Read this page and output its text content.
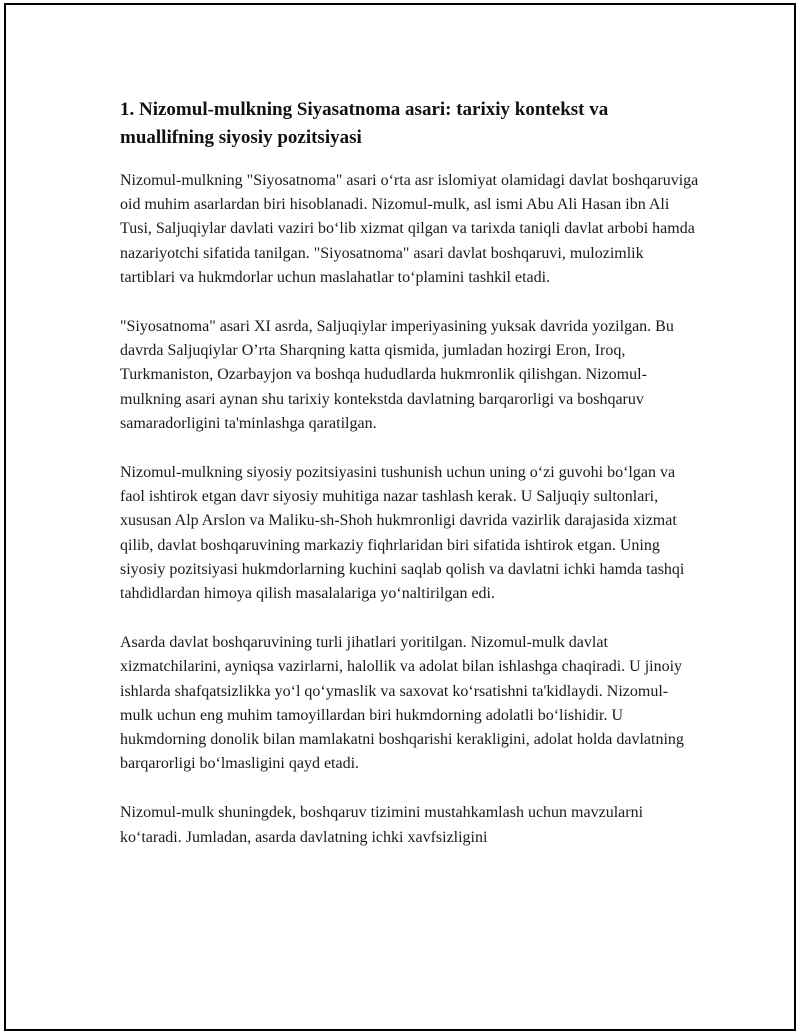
1. Nizomul-mulkning Siyasatnoma asari: tarixiy kontekst va muallifning siyosiy pozitsiyasi

Nizomul-mulkning "Siyosatnoma" asari o‘rta asr islomiyat olamidagi davlat boshqaruviga oid muhim asarlardan biri hisoblanadi. Nizomul-mulk, asl ismi Abu Ali Hasan ibn Ali Tusi, Saljuqiylar davlati vaziri bo‘lib xizmat qilgan va tarixda taniqli davlat arbobi hamda nazariyotchi sifatida tanilgan. "Siyosatnoma" asari davlat boshqaruvi, mulozimlik tartiblari va hukmdorlar uchun maslahatlar to‘plamini tashkil etadi.

"Siyosatnoma" asari XI asrda, Saljuqiylar imperiyasining yuksak davrida yozilgan. Bu davrda Saljuqiylar O’rta Sharqning katta qismida, jumladan hozirgi Eron, Iroq, Turkmaniston, Ozarbayjon va boshqa hududlarda hukmronlik qilishgan. Nizomul-mulkning asari aynan shu tarixiy kontekstda davlatning barqarorligi va boshqaruv samaradorligini ta'minlashga qaratilgan.

Nizomul-mulkning siyosiy pozitsiyasini tushunish uchun uning o‘zi guvohi bo‘lgan va faol ishtirok etgan davr siyosiy muhitiga nazar tashlash kerak. U Saljuqiy sultonlari, xususan Alp Arslon va Maliku-sh-Shoh hukmronligi davrida vazirlik darajasida xizmat qilib, davlat boshqaruvining markaziy fiqhrlaridan biri sifatida ishtirok etgan. Uning siyosiy pozitsiyasi hukmdorlarning kuchini saqlab qolish va davlatni ichki hamda tashqi tahdidlardan himoya qilish masalalariga yo‘naltirilgan edi.

Asarda davlat boshqaruvining turli jihatlari yoritilgan. Nizomul-mulk davlat xizmatchilarini, ayniqsa vazirlarni, halollik va adolat bilan ishlashga chaqiradi. U jinoiy ishlarda shafqatsizlikka yo‘l qo‘ymaslik va saxovat ko‘rsatishni ta'kidlaydi. Nizomul-mulk uchun eng muhim tamoyillardan biri hukmdorning adolatli bo‘lishidir. U hukmdorning donolik bilan mamlakatni boshqarishi kerakligini, adolat holda davlatning barqarorligi bo‘lmasligini qayd etadi.

Nizomul-mulk shuningdek, boshqaruv tizimini mustahkamlash uchun mavzularni ko‘taradi. Jumladan, asarda davlatning ichki xavfsizligini
